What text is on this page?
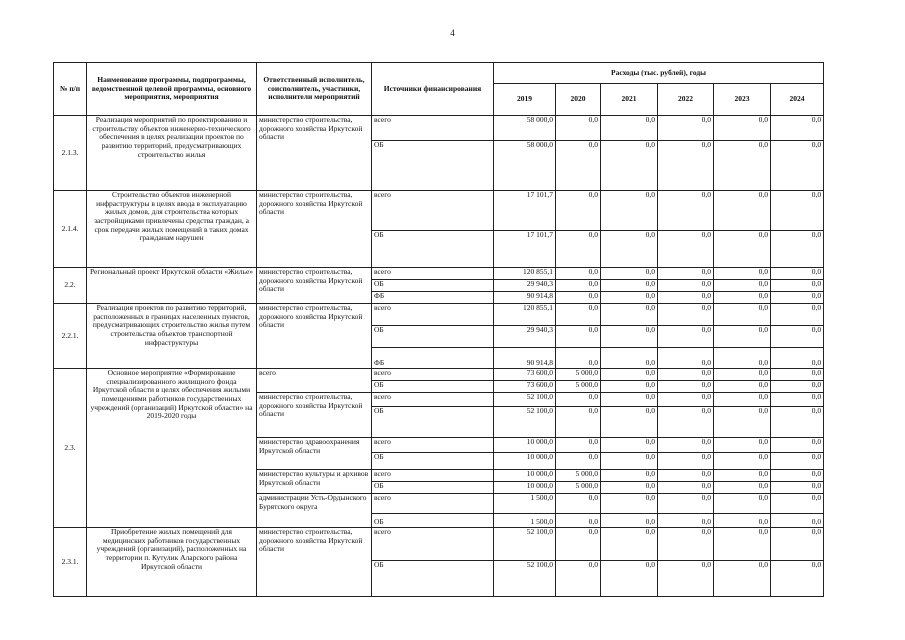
4
№ п/п	Наименование программы, подпрограммы, ведомственной целевой программы, основного мероприятия, мероприятия	Ответственный исполнитель, соисполнитель, участники, исполнители мероприятий	Источники финансирования	Расходы (тыс. рублей), годы					
				2019	2020	2021	2022	2023	2024
2.1.3.	Реализация мероприятий по проектированию и строительству объектов инженерно-технического обеспечения в целях реализации проектов по развитию территорий, предусматривающих строительство жилья	министерство строительства, дорожного хозяйства Иркутской области	всего	58 000,0	0,0	0,0	0,0	0,0	0,0
			ОБ	58 000,0	0,0	0,0	0,0	0,0	0,0
2.1.4.	Строительство объектов инженерной инфраструктуры в целях ввода в эксплуатацию жилых домов, для строительства которых застройщиками привлечены средства граждан, а срок передачи жилых помещений в таких домах гражданам нарушен	министерство строительства, дорожного хозяйства Иркутской области	всего	17 101,7	0,0	0,0	0,0	0,0	0,0
			ОБ	17 101,7	0,0	0,0	0,0	0,0	0,0
2.2.	Региональный проект Иркутской области «Жилье»	министерство строительства, дорожного хозяйства Иркутской области	всего	120 855,1	0,0	0,0	0,0	0,0	0,0
			ОБ	29 940,3	0,0	0,0	0,0	0,0	0,0
			ФБ	90 914,8	0,0	0,0	0,0	0,0	0,0
2.2.1.	Реализация проектов по развитию территорий, расположенных в границах населенных пунктов, предусматривающих строительство жилья путем строительства объектов транспортной инфраструктуры	министерство строительства, дорожного хозяйства Иркутской области	всего	120 855,1	0,0	0,0	0,0	0,0	0,0
			ОБ	29 940,3	0,0	0,0	0,0	0,0	0,0
			ФБ	90 914,8	0,0	0,0	0,0	0,0	0,0
2.3.	Основное мероприятие «Формирование специализированного жилищного фонда Иркутской области в целях обеспечения жилыми помещениями работников государственных учреждений (организаций) Иркутской области» на 2019-2020 годы	всего	всего	73 600,0	5 000,0	0,0	0,0	0,0	0,0
			ОБ	73 600,0	5 000,0	0,0	0,0	0,0	0,0
		министерство строительства, дорожного хозяйства Иркутской области	всего	52 100,0	0,0	0,0	0,0	0,0	0,0
			ОБ	52 100,0	0,0	0,0	0,0	0,0	0,0
		министерство здравоохранения Иркутской области	всего	10 000,0	0,0	0,0	0,0	0,0	0,0
			ОБ	10 000,0	0,0	0,0	0,0	0,0	0,0
		министерство культуры и архивов Иркутской области	всего	10 000,0	5 000,0	0,0	0,0	0,0	0,0
			ОБ	10 000,0	5 000,0	0,0	0,0	0,0	0,0
		администрации Усть-Ордынского Бурятского округа	всего	1 500,0	0,0	0,0	0,0	0,0	0,0
			ОБ	1 500,0	0,0	0,0	0,0	0,0	0,0
2.3.1.	Приобретение жилых помещений для медицинских работников государственных учреждений (организаций), расположенных на территории п. Кутулик Аларского района Иркутской области	министерство строительства, дорожного хозяйства Иркутской области	всего	52 100,0	0,0	0,0	0,0	0,0	0,0
			ОБ	52 100,0	0,0	0,0	0,0	0,0	0,0
